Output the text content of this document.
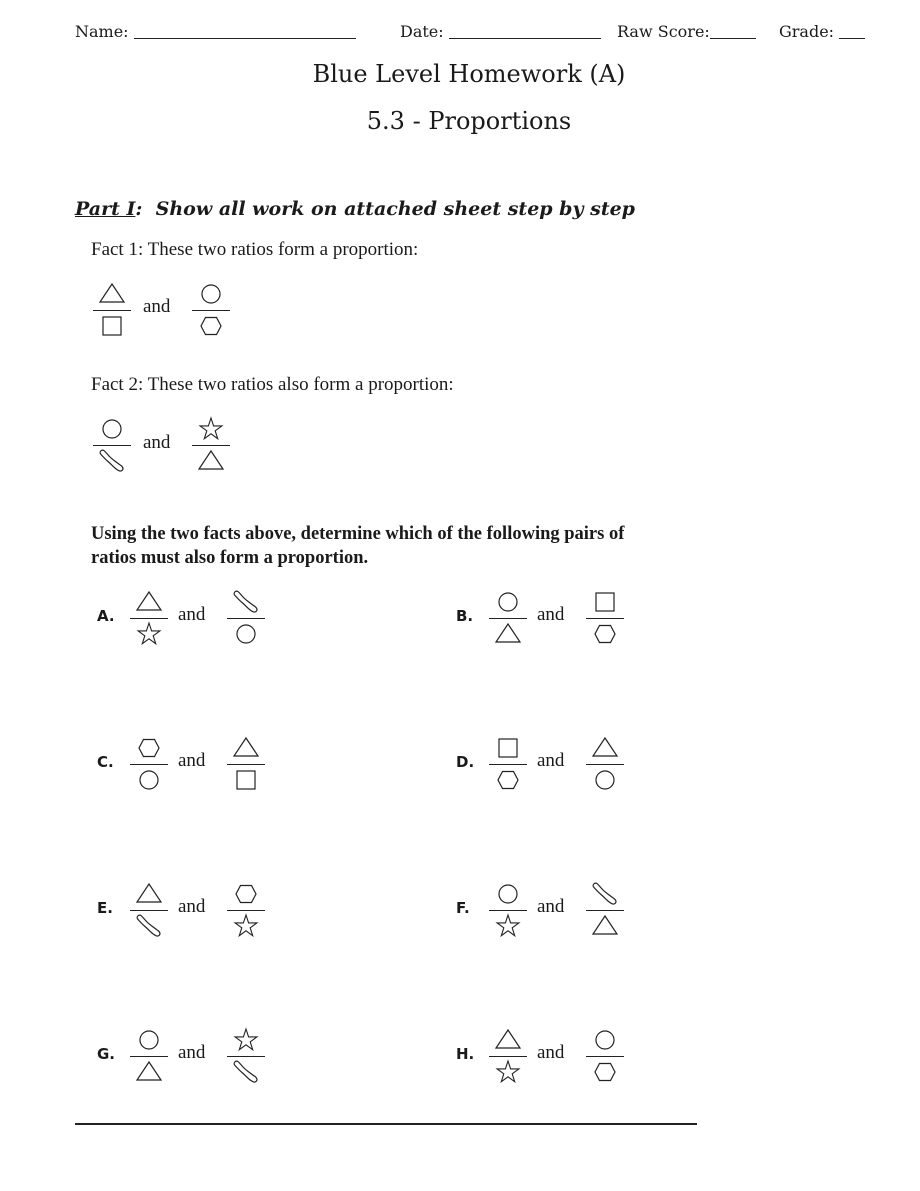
Name:	Date:	Raw Score:	Grade:
Blue Level Homework (A)
5.3 - Proportions
Part I:  Show all work on attached sheet step by step
Fact 1: These two ratios form a proportion:
and
Fact 2: These two ratios also form a proportion:
and
Using the two facts above, determine which of the following pairs of
ratios must also form a proportion.
A.	and	B.	and
C.	and	D.	and
E.	and	F.	and
G.	and	H.	and
